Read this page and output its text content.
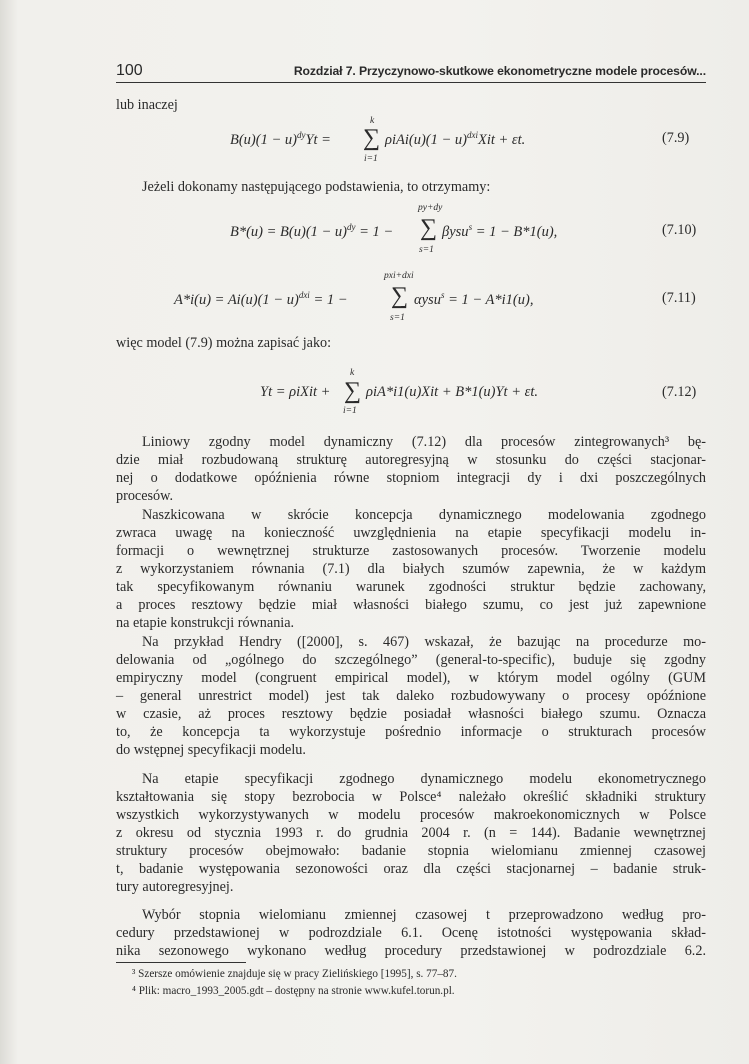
100	Rozdział 7. Przyczynowo-skutkowe ekonometryczne modele procesów...
lub inaczej
$B(u)(1 - u)^{dy}Yt$ =
k
∑
i=1
$\rho iAi(u)(1 - u)^{dxi}Xit + \varepsilon t$.	(7.9)
Jeżeli dokonamy następującego podstawienia, to otrzymamy:
$B*(u) = B(u)(1 - u)^{dy} = 1$ −
py+dy
∑
s=1
βysu$^s$ = 1 − B*1(u),	(7.10)
$A*i(u) = Ai(u)(1 - u)^{dxi} = 1$ −
pxi+dxi
∑
s=1
αysu$^s$ = 1 − A*i1(u),	(7.11)
więc model (7.9) można zapisać jako:
Yt = ρiXit +
k
∑
i=1
ρiA*i1(u)Xit + B*1(u)Yt + εt.	(7.12)
Liniowy zgodny model dynamiczny (7.12) dla procesów zintegrowanych³ bę-
dzie miał rozbudowaną strukturę autoregresyjną w stosunku do części stacjonar-
nej o dodatkowe opóźnienia równe stopniom integracji dy i dxi poszczególnych
procesów.
Naszkicowana w skrócie koncepcja dynamicznego modelowania zgodnego
zwraca uwagę na konieczność uwzględnienia na etapie specyfikacji modelu in-
formacji o wewnętrznej strukturze zastosowanych procesów. Tworzenie modelu
z wykorzystaniem równania (7.1) dla białych szumów zapewnia, że w każdym
tak specyfikowanym równaniu warunek zgodności struktur będzie zachowany,
a proces resztowy będzie miał własności białego szumu, co jest już zapewnione
na etapie konstrukcji równania.
Na przykład Hendry ([2000], s. 467) wskazał, że bazując na procedurze mo-
delowania od „ogólnego do szczególnego” (general-to-specific), buduje się zgodny
empiryczny model (congruent empirical model), w którym model ogólny (GUM
– general unrestrict model) jest tak daleko rozbudowywany o procesy opóźnione
w czasie, aż proces resztowy będzie posiadał własności białego szumu. Oznacza
to, że koncepcja ta wykorzystuje pośrednio informacje o strukturach procesów
do wstępnej specyfikacji modelu.
Na etapie specyfikacji zgodnego dynamicznego modelu ekonometrycznego
kształtowania się stopy bezrobocia w Polsce⁴ należało określić składniki struktury
wszystkich wykorzystywanych w modelu procesów makroekonomicznych w Polsce
z okresu od stycznia 1993 r. do grudnia 2004 r. (n = 144). Badanie wewnętrznej
struktury procesów obejmowało: badanie stopnia wielomianu zmiennej czasowej
t, badanie występowania sezonowości oraz dla części stacjonarnej – badanie struk-
tury autoregresyjnej.
Wybór stopnia wielomianu zmiennej czasowej t przeprowadzono według pro-
cedury przedstawionej w podrozdziale 6.1. Ocenę istotności występowania skład-
nika sezonowego wykonano według procedury przedstawionej w podrozdziale 6.2.
³ Szersze omówienie znajduje się w pracy Zielińskiego [1995], s. 77–87.
⁴ Plik: macro_1993_2005.gdt – dostępny na stronie www.kufel.torun.pl.
